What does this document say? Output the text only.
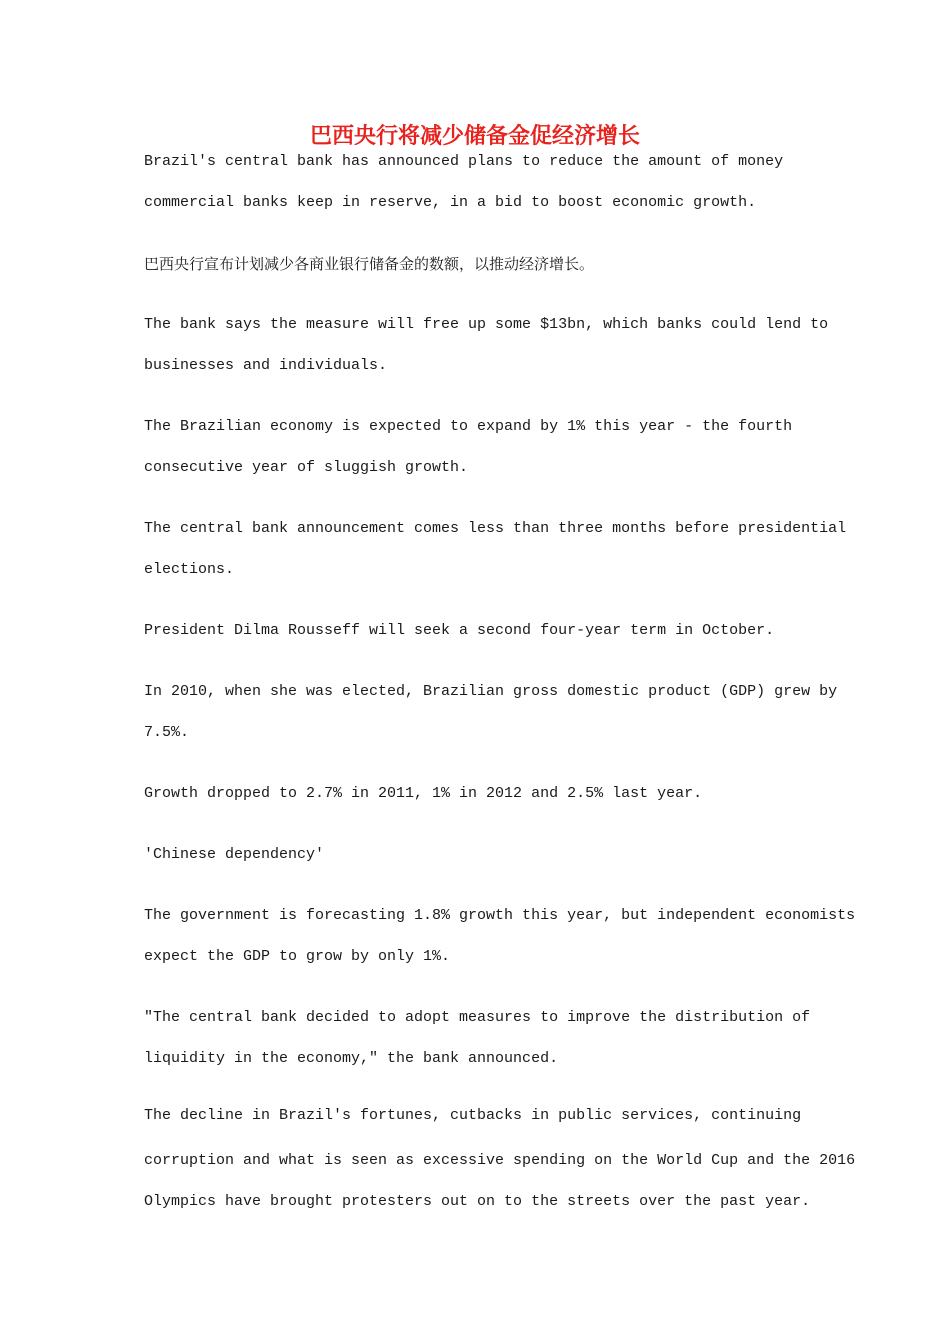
巴西央行将减少储备金促经济增长
Brazil's central bank has announced plans to reduce the amount of money
commercial banks keep in reserve, in a bid to boost economic growth.
巴西央行宣布计划减少各商业银行储备金的数额，以推动经济增长。
The bank says the measure will free up some $13bn, which banks could lend to
businesses and individuals.
The Brazilian economy is expected to expand by 1% this year - the fourth
consecutive year of sluggish growth.
The central bank announcement comes less than three months before presidential
elections.
President Dilma Rousseff will seek a second four-year term in October.
In 2010, when she was elected, Brazilian gross domestic product (GDP) grew by
7.5%.
Growth dropped to 2.7% in 2011, 1% in 2012 and 2.5% last year.
'Chinese dependency'
The government is forecasting 1.8% growth this year, but independent economists
expect the GDP to grow by only 1%.
"The central bank decided to adopt measures to improve the distribution of
liquidity in the economy," the bank announced.
The decline in Brazil's fortunes, cutbacks in public services, continuing
corruption and what is seen as excessive spending on the World Cup and the 2016
Olympics have brought protesters out on to the streets over the past year.
